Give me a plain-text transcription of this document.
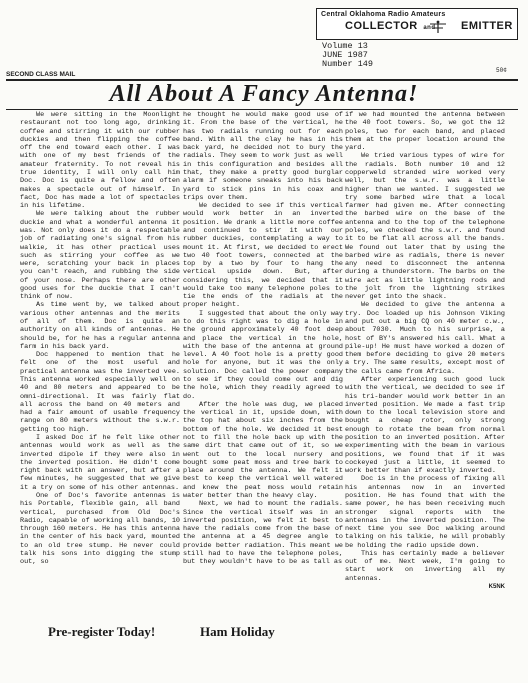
Central Oklahoma Radio Amateurs
COLLECTOR and EMITTER
Volume 13
JUNE 1987
Number 149
50¢
SECOND CLASS MAIL
All About A Fancy Antenna!

We were sitting in the Moonlight restaurant not too long ago, drinking coffee and stirring it with our rubber duckies and then flipping the coffee off the end toward each other. I was with one of my best friends of the amateur fraternity. To not reveal his true identity, I will only call him Doc. Doc is quite a fellow and often makes a spectacle out of himself. In fact, Doc has made a lot of spectacles in his lifetime.

We were talking about the rubber duckie and what a wonderful antenna it was. Not only does it do a respectable job of radiating one's signal from his walkie, it has other practical uses such as stirring your coffee as we were, scratching your back in places you can't reach, and rubbing the side of your nose. Perhaps there are other good uses for the duckie that I can't think of now.

As time went by, we talked about various other antennas and the merits of all of them. Doc is quite an authority on all kinds of antennas. He should be, for he has a regular antenna farm in his back yard.

Doc happened to mention that he felt one of the most useful and practical antenna was the inverted vee. This antenna worked especially well on 40 and 80 meters and appeared to be omni-directional. It was fairly flat all across the band on 40 meters and had a fair amount of usable frequency range on 80 meters without the s.w.r. getting too high.

I asked Doc if he felt like other antennas would work as well as the inverted dipole if they were also in the inverted position. He didn't come right back with an answer, but after a few minutes, he suggested that we give it a try on some of his other antennas.

One of Doc's favorite antennas is his Portable, flexible gain, all band vertical, purchased from Old Doc's Radio, capable of working all bands, 10 through 160 meters. He has this antenna in the center of his back yard, mounted to an old tree stump. He never could talk his sons into digging the stump out, so

he thought he would make good use of it. From the base of the vertical, he has two radials running out for each band. With all the clay he has in his back yard, he decided not to bury the radials. They seem to work just as well in this configuration and besides all that, they make a pretty good burglar alarm if someone sneaks into his back yard to stick pins in his coax and trips over them.

We decided to see if this vertical would work better in an inverted position. We drank a little more coffee and continued to stir it with our rubber duckies, contemplating a way to mount it. At first, we decided to erect two 40 foot towers, connected at the top by a two by four to hang the vertical upside down. But, after considering this, we decided that it would take too many telephone poles to tie the ends of the radials at the proper height.

I suggested that about the only way to do this right was to dig a hole in the ground approximately 40 foot deep and place the vertical in the hole, with the base of the antenna at ground level. A 40 foot hole is a pretty good hole for anyone, but it was the only solution. Doc called the power company to see if they could come out and dig the hole, which they readily agreed to do.

After the hole was dug, we placed the vertical in it, upside down, with the top hat about six inches from the bottom of the hole. We decided it best not to fill the hole back up with the same dirt that came out of it, so we went out to the local nursery and bought some peat moss and tree bark to place around the antenna. We felt it best to keep the vertical well watered and knew the peat moss would retain water better than the heavy clay.

Next, we had to mount the radials. Since the vertical itself was in an inverted position, we felt it best to have the radials come from the base of the antenna at a 45 degree angle to provide better radiation. This meant we still had to have the telephone poles, but they wouldn't have to be as tall as

if we had mounted the antenna between the 40 foot towers. So, we got the 12 poles, two for each band, and placed them at the proper location around the yard.

We tried various types of wire for the radials. Both number 10 and 12 copperweld stranded wire worked very well, but the s.w.r. was a little higher than we wanted. I suggested we try some barbed wire that a local farmer had given me. After connecting the barbed wire on the base of the antenna and to the top of the telephone poles, we checked the s.w.r. and found it to be flat all across all the bands. We found out later that by using the barbed wire as radials, there is never any need to disconnect the antenna during a thunderstorm. The barbs on the wire act as little lightning rods and the jolt from the lightning strikes never get into the shack.

We decided to give the antenna a try. Doc loaded up his Johnson Viking and put out a big CQ on 40 meter c.w., about 7030. Much to his surprise, a host of BY's answered his call. What a pile-up! He must have worked a dozen of them before deciding to give 20 meters a try. The same results, except most of the calls came from Africa.

After experiencing such good luck with the vertical, we decided to see if his tri-bander would work better in an inverted position. We made a fast trip down to the local television store and bought a cheap rotor, only strong enough to rotate the beam from normal position to an inverted position. After experimenting with the beam in various positions, we found that if it was cockeyed just a little, it seemed to work better than if exactly inverted.

Doc is in the process of fixing all his antennas now in an inverted position. He has found that with the same power, he has been receiving much stronger signal reports with the antennas in the inverted position. The next time you see Doc walking around talking on his talkie, he will probably be holding the radio upside down.

This has certainly made a believer out of me. Next week, I'm going to start work on inverting all my antennas.

K5NK
Pre-register Today!	Ham Holiday
